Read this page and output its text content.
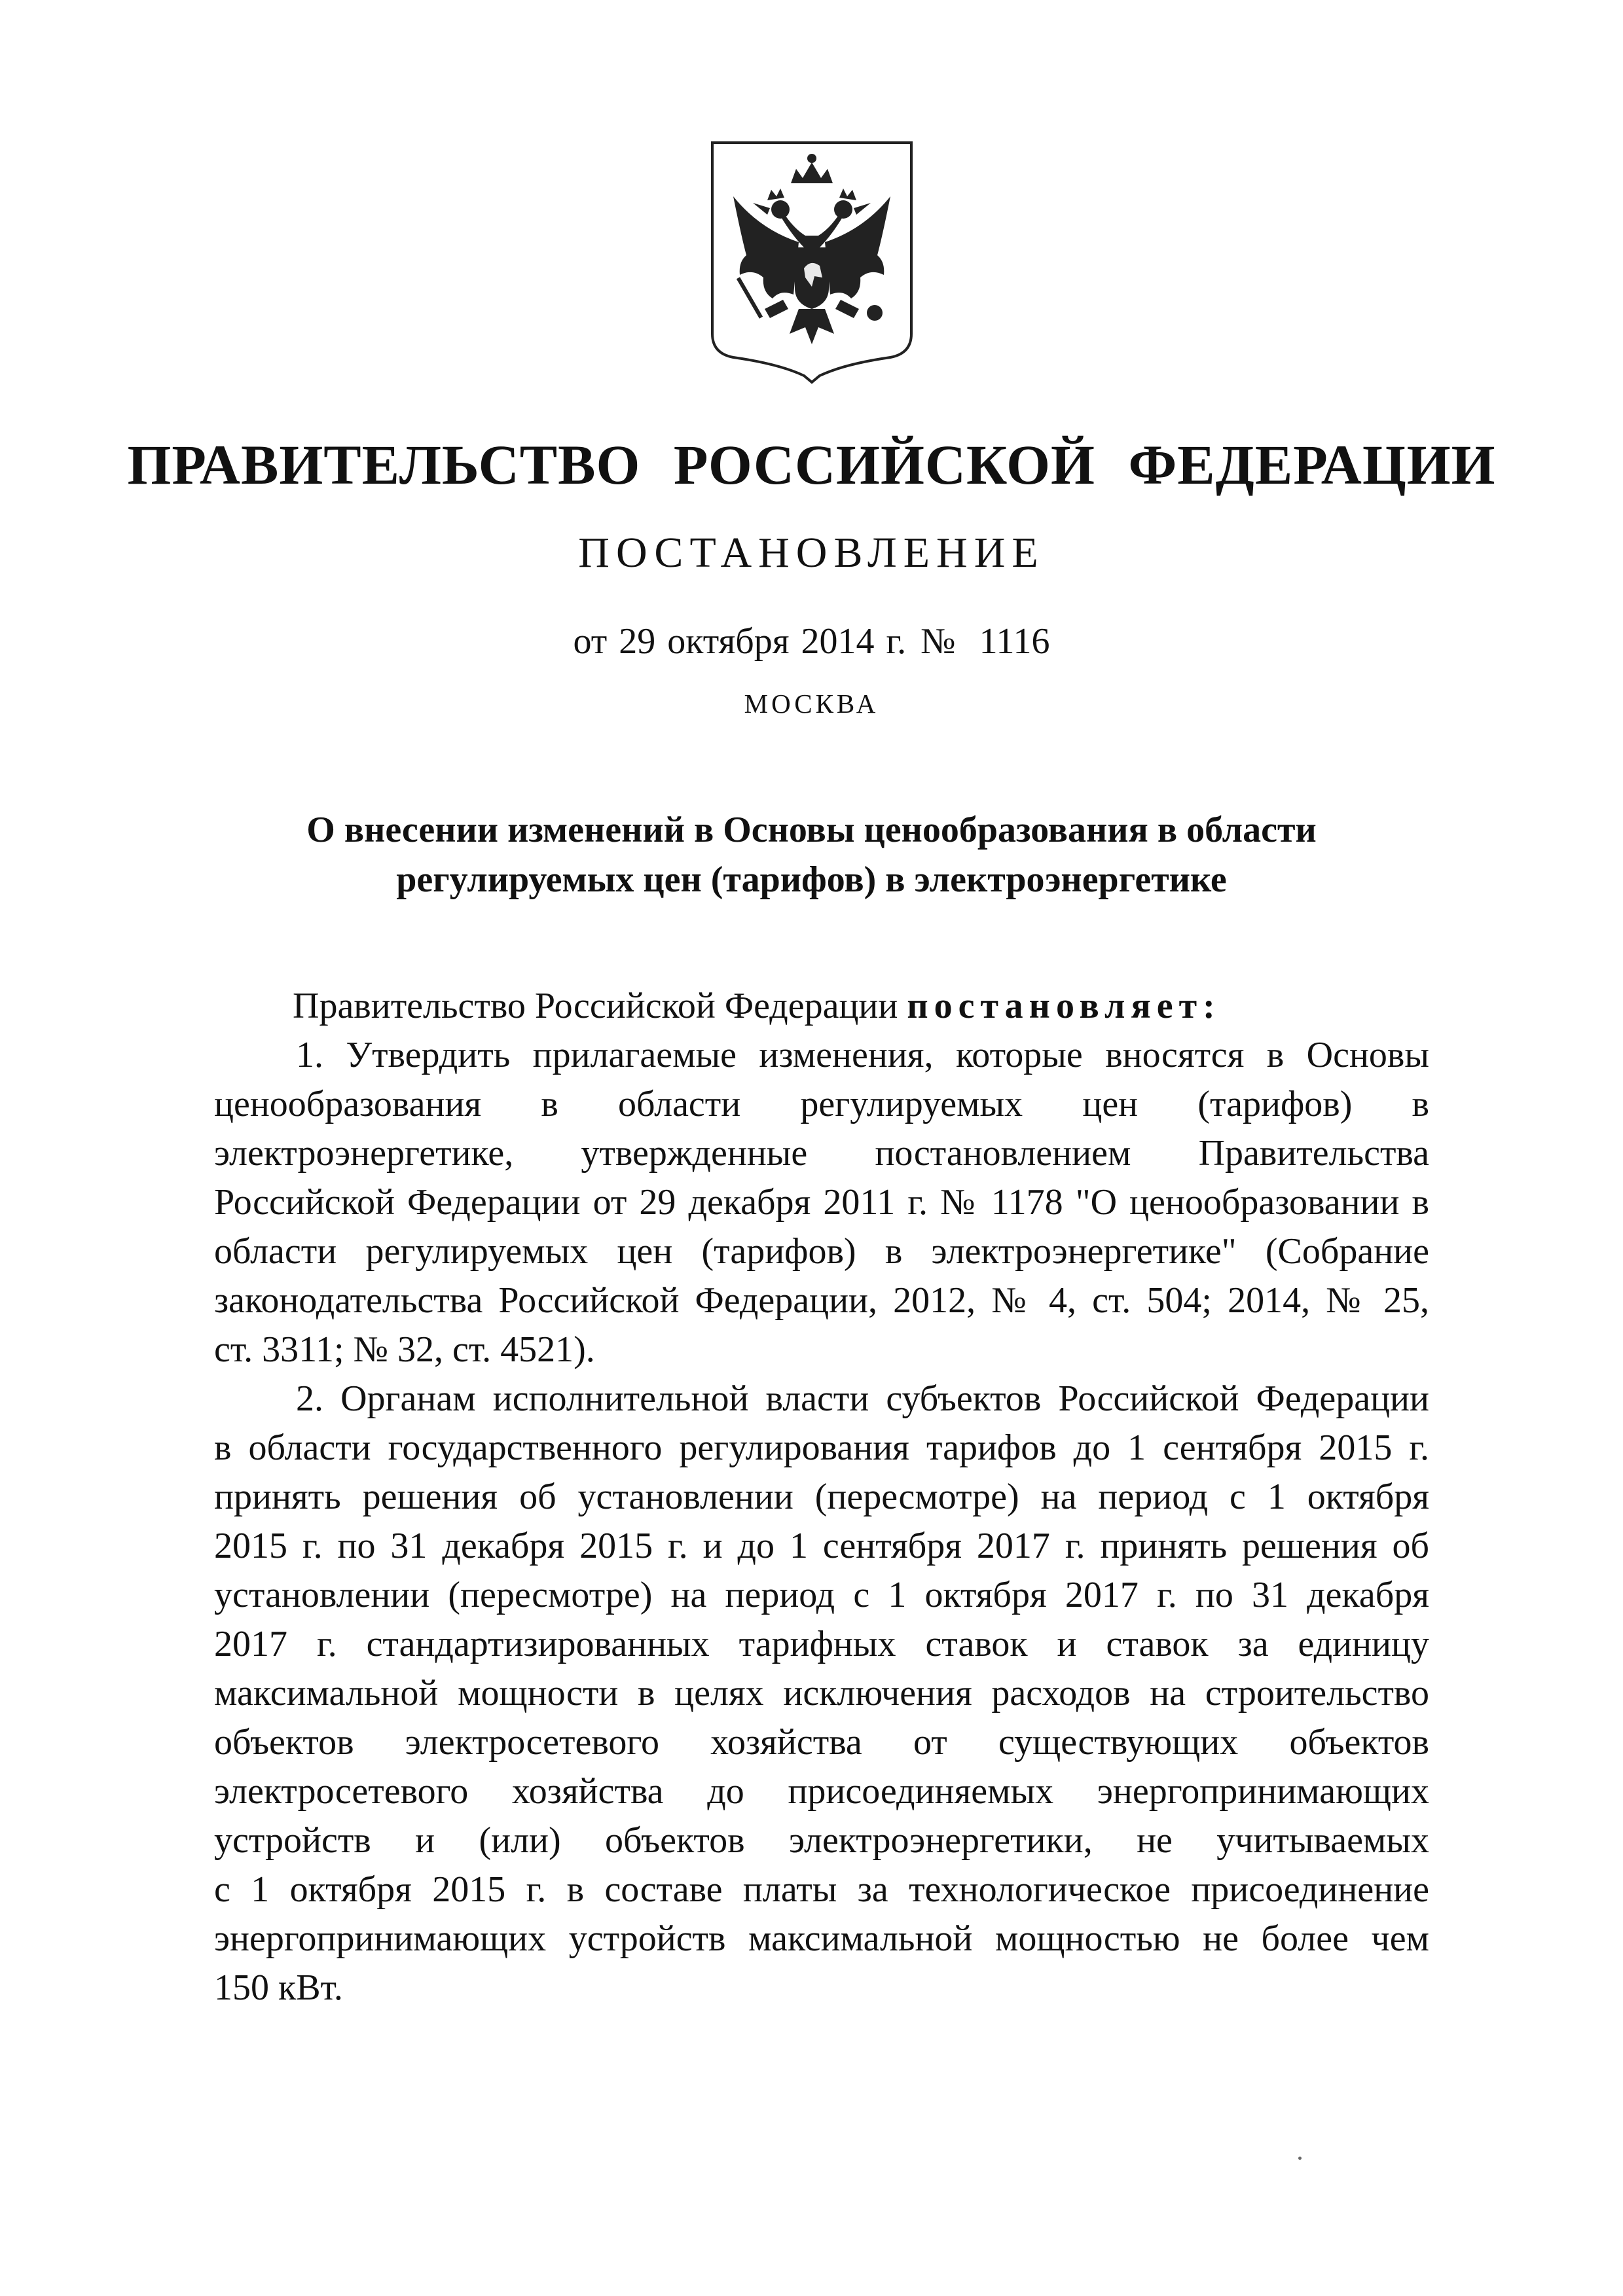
ПРАВИТЕЛЬСТВО РОССИЙСКОЙ ФЕДЕРАЦИИ
ПОСТАНОВЛЕНИЕ
от 29 октября 2014 г. № 1116
МОСКВА
О внесении изменений в Основы ценообразования в области
регулируемых цен (тарифов) в электроэнергетике
Правительство Российской Федерации постановляет:
1. Утвердить прилагаемые изменения, которые вносятся в Основы
ценообразования в области регулируемых цен (тарифов) в
электроэнергетике, утвержденные постановлением Правительства
Российской Федерации от 29 декабря 2011 г. № 1178 "О ценообразовании в
области регулируемых цен (тарифов) в электроэнергетике" (Собрание
законодательства Российской Федерации, 2012, № 4, ст. 504; 2014, № 25,
ст. 3311; № 32, ст. 4521).
2. Органам исполнительной власти субъектов Российской Федерации
в области государственного регулирования тарифов до 1 сентября 2015 г.
принять решения об установлении (пересмотре) на период с 1 октября
2015 г. по 31 декабря 2015 г. и до 1 сентября 2017 г. принять решения об
установлении (пересмотре) на период с 1 октября 2017 г. по 31 декабря
2017 г. стандартизированных тарифных ставок и ставок за единицу
максимальной мощности в целях исключения расходов на строительство
объектов электросетевого хозяйства от существующих объектов
электросетевого хозяйства до присоединяемых энергопринимающих
устройств и (или) объектов электроэнергетики, не учитываемых
с 1 октября 2015 г. в составе платы за технологическое присоединение
энергопринимающих устройств максимальной мощностью не более чем
150 кВт.
